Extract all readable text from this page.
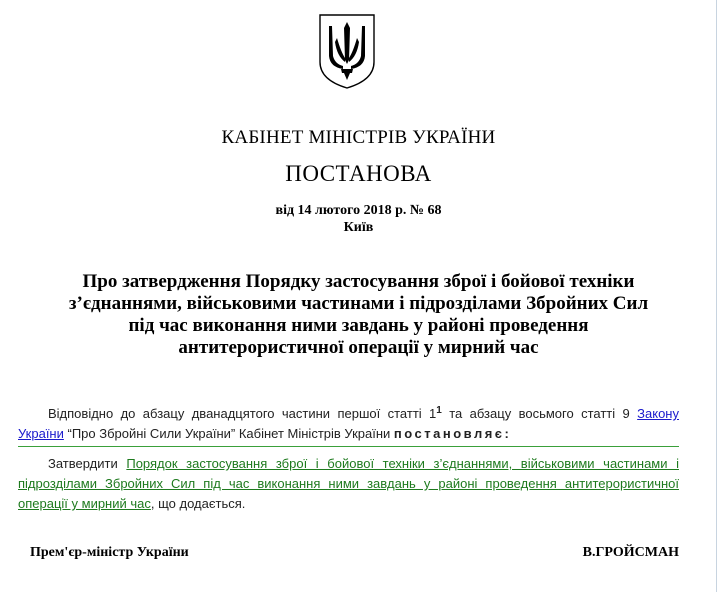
КАБІНЕТ МІНІСТРІВ УКРАЇНИ
ПОСТАНОВА
від 14 лютого 2018 р. № 68
Київ
Про затвердження Порядку застосування зброї і бойової техніки з’єднаннями, військовими частинами і підрозділами Збройних Сил під час виконання ними завдань у районі проведення антитерористичної операції у мирний час
Відповідно до абзацу дванадцятого частини першої статті $1^1$ та абзацу восьмого статті 9 Закону України “Про Збройні Сили України” Кабінет Міністрів України постановляє:
Затвердити Порядок застосування зброї і бойової техніки з’єднаннями, військовими частинами і підрозділами Збройних Сил під час виконання ними завдань у районі проведення антитерористичної операції у мирний час, що додається.
Прем'єр-міністр України	В.ГРОЙСМАН
